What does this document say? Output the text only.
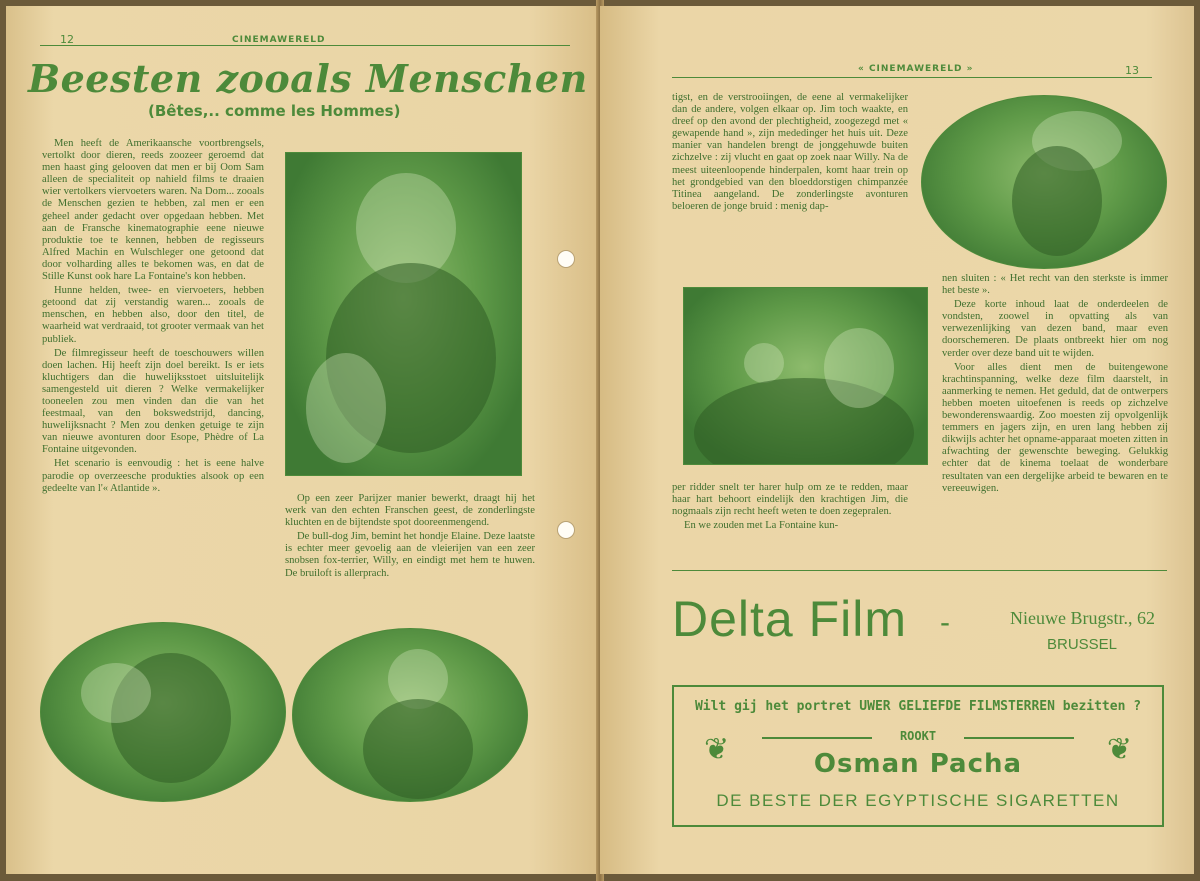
12	CINEMAWERELD
Beesten zooals Menschen
(Bêtes,.. comme les Hommes)

Men heeft de Amerikaansche voortbrengsels, vertolkt door dieren, reeds zoozeer geroemd dat men haast ging gelooven dat men er bij Oom Sam alleen de specialiteit op nahield films te draaien wier vertolkers viervoeters waren. Na Dom... zooals de Menschen gezien te hebben, zal men er een geheel ander gedacht over opgedaan hebben. Met aan de Fransche kinematographie eene nieuwe produktie toe te kennen, hebben de regisseurs Alfred Machin en Wulschleger one getoond dat door volharding alles te bekomen was, en dat de Stille Kunst ook hare La Fontaine's kon hebben.

Hunne helden, twee- en viervoeters, hebben getoond dat zij verstandig waren... zooals de menschen, en hebben also, door den titel, de waarheid wat verdraaid, tot grooter vermaak van het publiek.

De filmregisseur heeft de toeschouwers willen doen lachen. Hij heeft zijn doel bereikt. Is er iets kluchtigers dan die huwelijksstoet uitsluitelijk samengesteld uit dieren ? Welke vermakelijker tooneelen zou men vinden dan die van het feestmaal, van den bokswedstrijd, dancing, huwelijksnacht ? Men zou denken getuige te zijn van nieuwe avonturen door Esope, Phèdre of La Fontaine uitgevonden.

Het scenario is eenvoudig : het is eene halve parodie op overzeesche produkties alsook op een gedeelte van l'« Atlantide ».

Op een zeer Parijzer manier bewerkt, draagt hij het werk van den echten Franschen geest, de zonderlingste kluchten en de bijtendste spot dooreenmengend.

De bull-dog Jim, bemint het hondje Elaine. Deze laatste is echter meer gevoelig aan de vleierijen van een zeer snobsen fox-terrier, Willy, en eindigt met hem te huwen. De bruiloft is allerprach.

« CINEMAWERELD »	13

tigst, en de verstrooiingen, de eene al vermakelijker dan de andere, volgen elkaar op. Jim toch waakte, en dreef op den avond der plechtigheid, zoogezegd met « gewapende hand », zijn mededinger het huis uit. Deze manier van handelen brengt de jonggehuwde buiten zichzelve : zij vlucht en gaat op zoek naar Willy. Na de meest uiteenloopende hinderpalen, komt haar trein op het grondgebied van den bloeddorstigen chimpanzée Titinea aangeland. De zonderlingste avonturen beloeren de jonge bruid : menig dap-

per ridder snelt ter harer hulp om ze te redden, maar haar hart behoort eindelijk den krachtigen Jim, die nogmaals zijn recht heeft weten te doen zegepralen.

En we zouden met La Fontaine kun-

nen sluiten : « Het recht van den sterkste is immer het beste ».

Deze korte inhoud laat de onderdeelen de vondsten, zoowel in opvatting als van verwezenlijking van dezen band, maar even doorschemeren. De plaats ontbreekt hier om nog verder over deze band uit te wijden.

Voor alles dient men de buitengewone krachtinspanning, welke deze film daarstelt, in aanmerking te nemen. Het geduld, dat de ontwerpers hebben moeten uitoefenen is reeds op zichzelve bewonderenswaardig. Zoo moesten zij opvolgenlijk temmers en jagers zijn, en uren lang hebben zij dikwijls achter het opname-apparaat moeten zitten in afwachting der gewenschte beweging. Gelukkig echter dat de kinema toelaat de wonderbare resultaten van een dergelijke arbeid te bewaren en te vereeuwigen.

Delta Film -	Nieuwe Brugstr., 62
BRUSSEL
Wilt gij het portret UWER GELIEFDE FILMSTERREN bezitten ?
ROOKT
❦	Osman Pacha	❦
DE BESTE DER EGYPTISCHE SIGARETTEN
